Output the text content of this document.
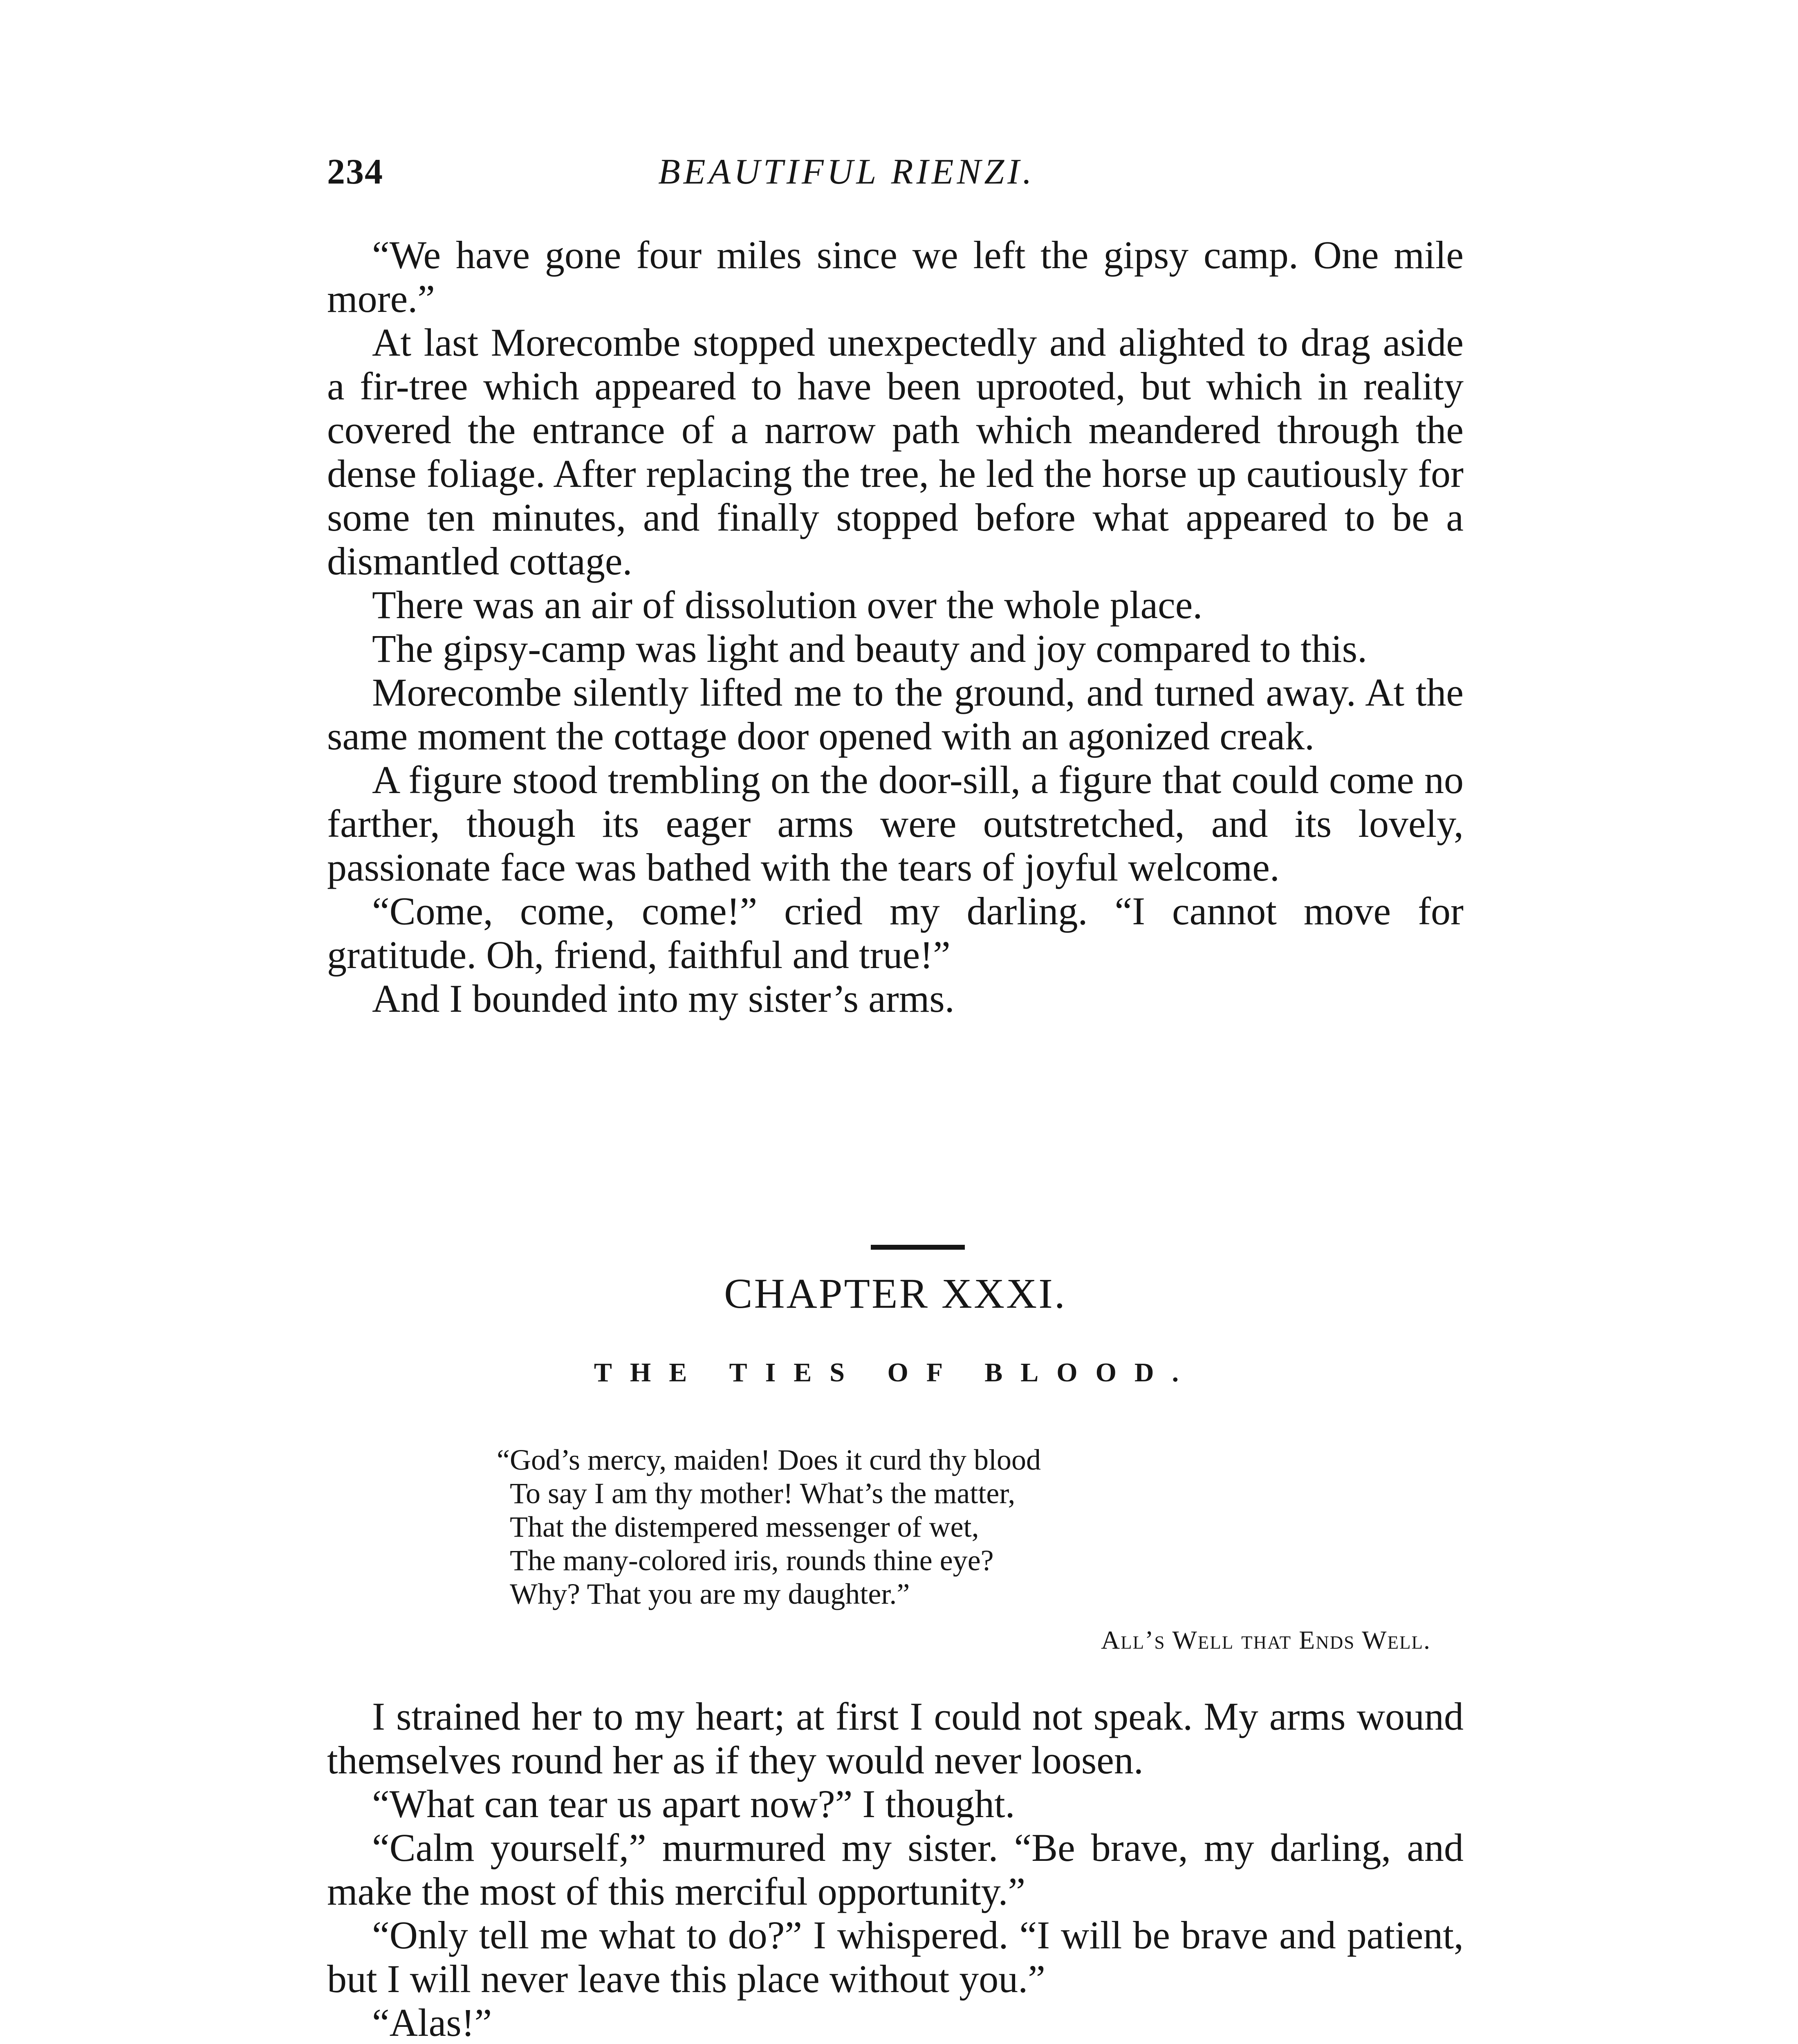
234	BEAUTIFUL RIENZI.

“We have gone four miles since we left the gipsy camp. One mile more.”

At last Morecombe stopped unexpectedly and alighted to drag aside a fir-tree which appeared to have been uprooted, but which in reality covered the entrance of a narrow path which meandered through the dense foliage. After replacing the tree, he led the horse up cautiously for some ten minutes, and finally stopped before what appeared to be a dismantled cottage.

There was an air of dissolution over the whole place.

The gipsy-camp was light and beauty and joy compared to this.

Morecombe silently lifted me to the ground, and turned away. At the same moment the cottage door opened with an agonized creak.

A figure stood trembling on the door-sill, a figure that could come no farther, though its eager arms were outstretched, and its lovely, passionate face was bathed with the tears of joyful welcome.

“Come, come, come!” cried my darling. “I cannot move for gratitude. Oh, friend, faithful and true!”

And I bounded into my sister’s arms.

CHAPTER XXXI.
THE TIES OF BLOOD.
“God’s mercy, maiden! Does it curd thy blood
To say I am thy mother! What’s the matter,
That the distempered messenger of wet,
The many-colored iris, rounds thine eye?
Why? That you are my daughter.”
All’s Well that Ends Well.

I strained her to my heart; at first I could not speak. My arms wound themselves round her as if they would never loosen.

“What can tear us apart now?” I thought.

“Calm yourself,” murmured my sister. “Be brave, my darling, and make the most of this merciful opportunity.”

“Only tell me what to do?” I whispered. “I will be brave and patient, but I will never leave this place without you.”

“Alas!”
